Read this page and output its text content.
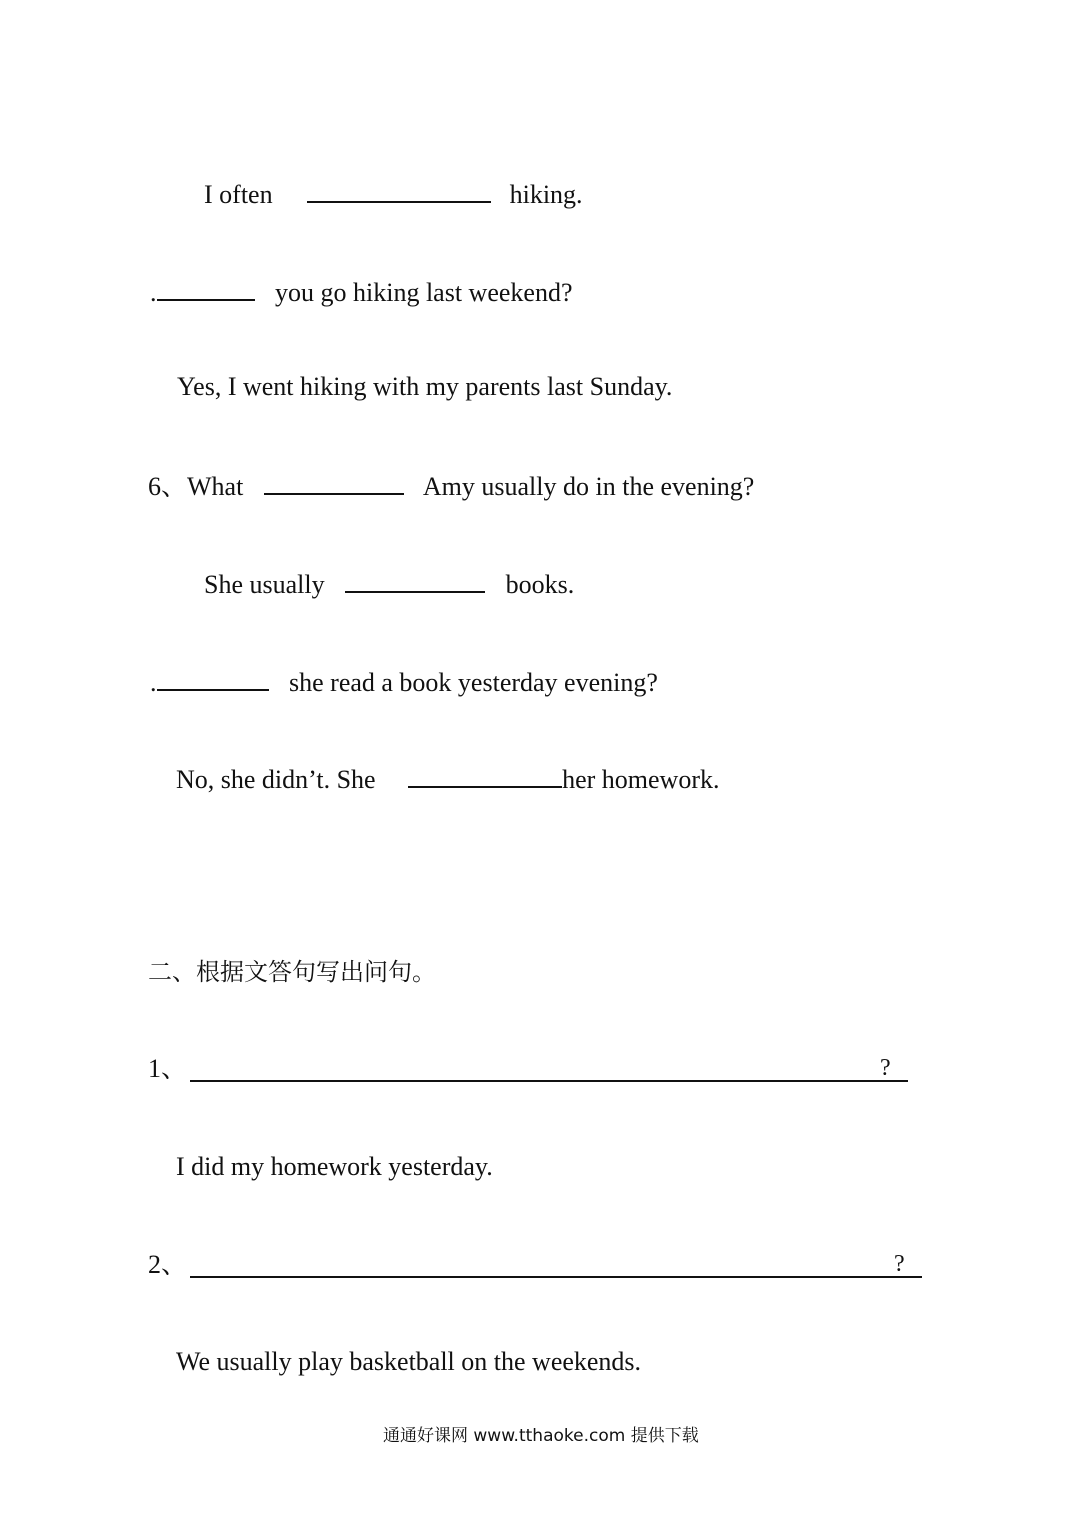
I often	hiking.
.	you go hiking last weekend?
Yes, I went hiking with my parents last Sunday.
6、What	Amy usually do in the evening?
She usually	books.
.	she read a book yesterday evening?
No, she didn’t. She	her homework.
二、根据文答句写出问句。
1、	?
I did my homework yesterday.
2、	?
We usually play basketball on the weekends.
通通好课网 www.tthaoke.com 提供下载
